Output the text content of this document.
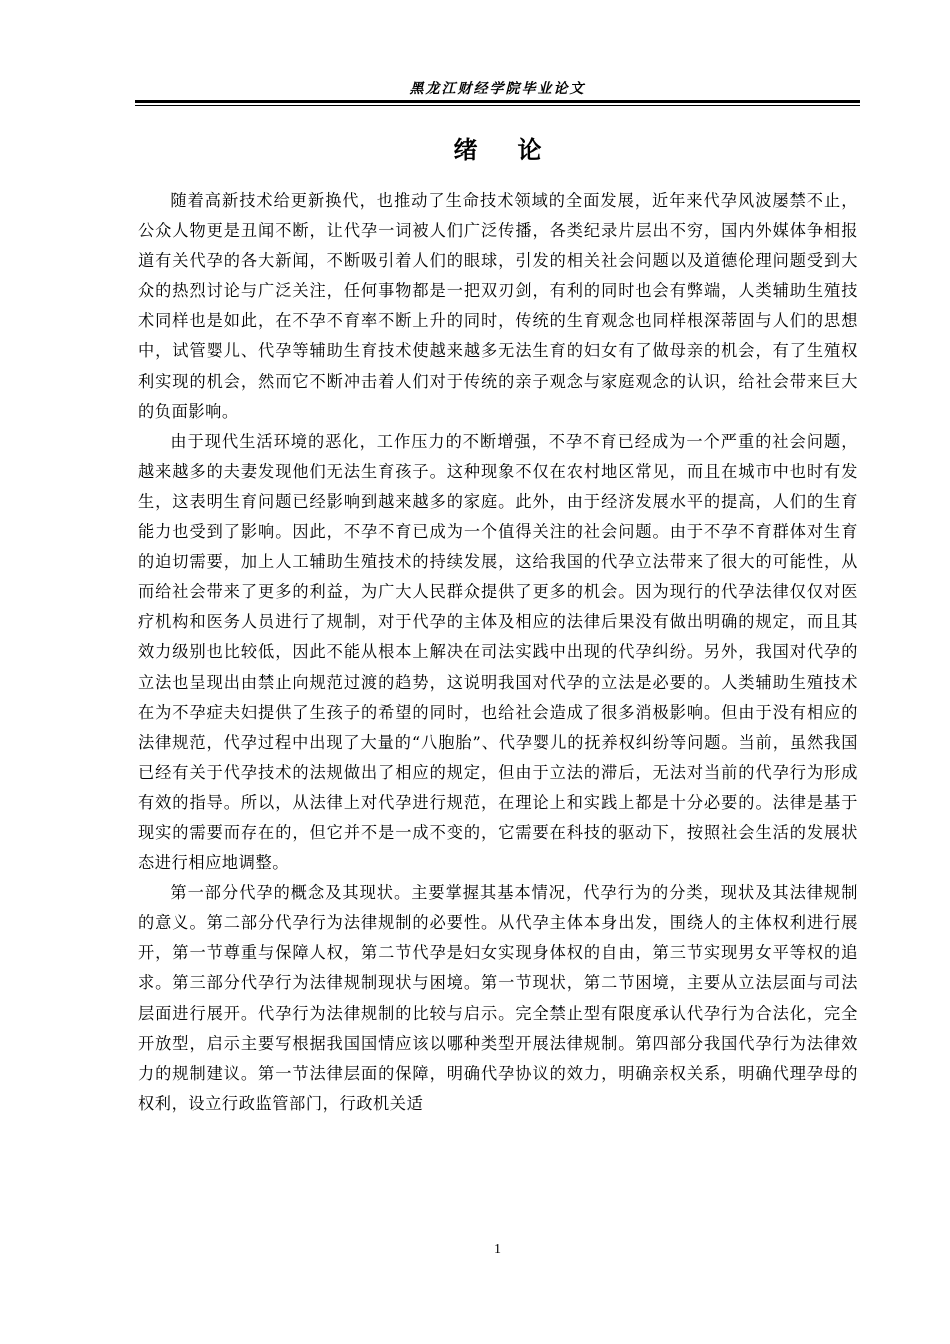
黑龙江财经学院毕业论文
绪论

随着高新技术给更新换代，也推动了生命技术领域的全面发展，近年来代孕风波屡禁不止，公众人物更是丑闻不断，让代孕一词被人们广泛传播，各类纪录片层出不穷，国内外媒体争相报道有关代孕的各大新闻，不断吸引着人们的眼球，引发的相关社会问题以及道德伦理问题受到大众的热烈讨论与广泛关注，任何事物都是一把双刃剑，有利的同时也会有弊端，人类辅助生殖技术同样也是如此，在不孕不育率不断上升的同时，传统的生育观念也同样根深蒂固与人们的思想中，试管婴儿、代孕等辅助生育技术使越来越多无法生育的妇女有了做母亲的机会，有了生殖权利实现的机会，然而它不断冲击着人们对于传统的亲子观念与家庭观念的认识，给社会带来巨大的负面影响。

由于现代生活环境的恶化，工作压力的不断增强，不孕不育已经成为一个严重的社会问题，越来越多的夫妻发现他们无法生育孩子。这种现象不仅在农村地区常见，而且在城市中也时有发生，这表明生育问题已经影响到越来越多的家庭。此外，由于经济发展水平的提高，人们的生育能力也受到了影响。因此，不孕不育已成为一个值得关注的社会问题。由于不孕不育群体对生育的迫切需要，加上人工辅助生殖技术的持续发展，这给我国的代孕立法带来了很大的可能性，从而给社会带来了更多的利益，为广大人民群众提供了更多的机会。因为现行的代孕法律仅仅对医疗机构和医务人员进行了规制，对于代孕的主体及相应的法律后果没有做出明确的规定，而且其效力级别也比较低，因此不能从根本上解决在司法实践中出现的代孕纠纷。另外，我国对代孕的立法也呈现出由禁止向规范过渡的趋势，这说明我国对代孕的立法是必要的。人类辅助生殖技术在为不孕症夫妇提供了生孩子的希望的同时，也给社会造成了很多消极影响。但由于没有相应的法律规范，代孕过程中出现了大量的“八胞胎”、代孕婴儿的抚养权纠纷等问题。当前，虽然我国已经有关于代孕技术的法规做出了相应的规定，但由于立法的滞后，无法对当前的代孕行为形成有效的指导。所以，从法律上对代孕进行规范，在理论上和实践上都是十分必要的。法律是基于现实的需要而存在的，但它并不是一成不变的，它需要在科技的驱动下，按照社会生活的发展状态进行相应地调整。

第一部分代孕的概念及其现状。主要掌握其基本情况，代孕行为的分类，现状及其法律规制的意义。第二部分代孕行为法律规制的必要性。从代孕主体本身出发，围绕人的主体权利进行展开，第一节尊重与保障人权，第二节代孕是妇女实现身体权的自由，第三节实现男女平等权的追求。第三部分代孕行为法律规制现状与困境。第一节现状，第二节困境，主要从立法层面与司法层面进行展开。代孕行为法律规制的比较与启示。完全禁止型有限度承认代孕行为合法化，完全开放型，启示主要写根据我国国情应该以哪种类型开展法律规制。第四部分我国代孕行为法律效力的规制建议。第一节法律层面的保障，明确代孕协议的效力，明确亲权关系，明确代理孕母的权利，设立行政监管部门，行政机关适

1
